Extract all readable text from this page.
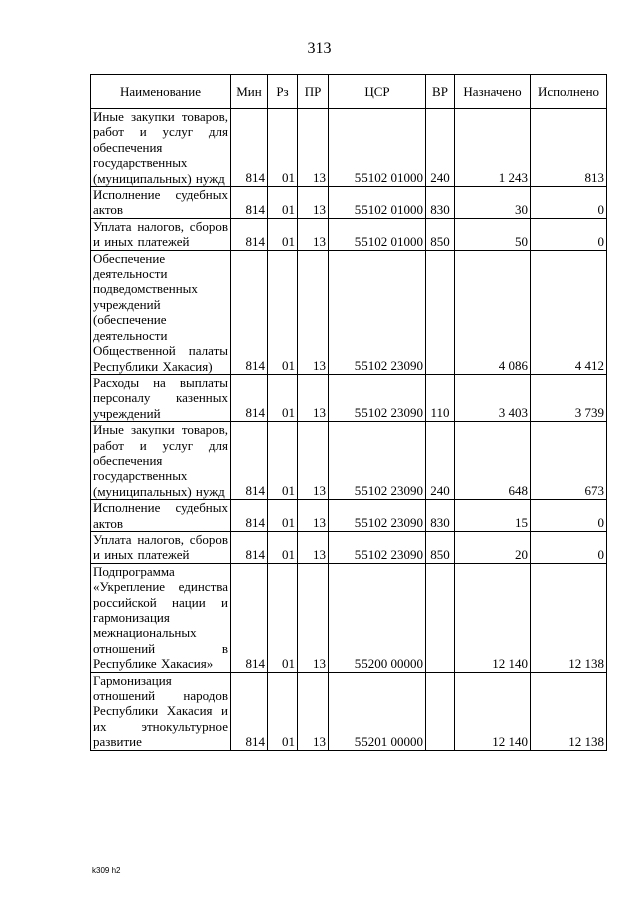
313
Наименование	Мин	Рз	ПР	ЦСР	ВР	Назначено	Исполнено
Иные закупки товаров, работ и услуг для обеспечения государственных (муниципальных) нужд	814	01	13	55102 01000	240	1 243	813
Исполнение судебных актов	814	01	13	55102 01000	830	30	0
Уплата налогов, сборов и иных платежей	814	01	13	55102 01000	850	50	0
Обеспечение деятельности подведомственных учреждений (обеспечение деятельности Общественной палаты Республики Хакасия)	814	01	13	55102 23090		4 086	4 412
Расходы на выплаты персоналу казенных учреждений	814	01	13	55102 23090	110	3 403	3 739
Иные закупки товаров, работ и услуг для обеспечения государственных (муниципальных) нужд	814	01	13	55102 23090	240	648	673
Исполнение судебных актов	814	01	13	55102 23090	830	15	0
Уплата налогов, сборов и иных платежей	814	01	13	55102 23090	850	20	0
Подпрограмма «Укрепление единства российской нации и гармонизация межнациональных отношений в Республике Хакасия»	814	01	13	55200 00000		12 140	12 138
Гармонизация отношений народов Республики Хакасия и их этнокультурное развитие	814	01	13	55201 00000		12 140	12 138
k309 h2
